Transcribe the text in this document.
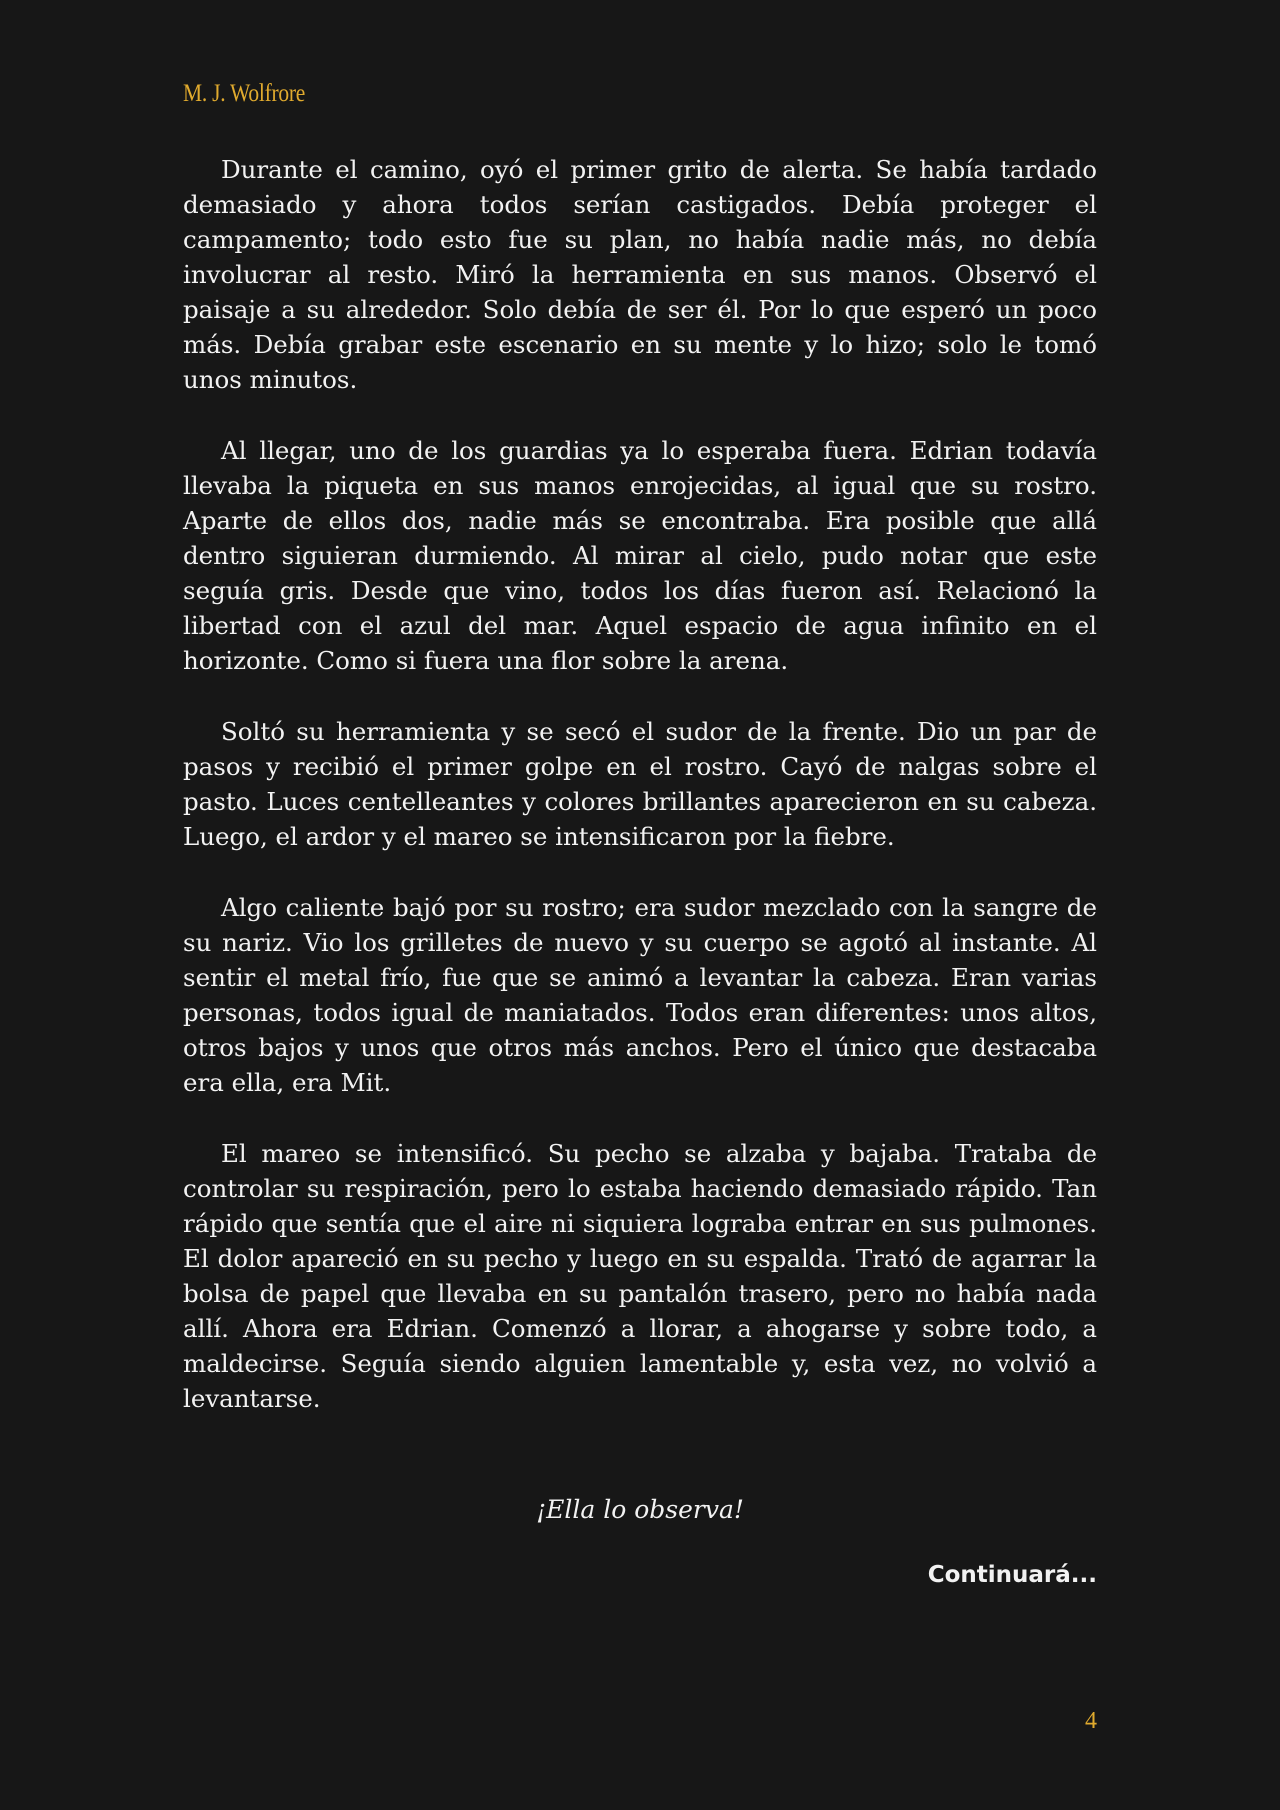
M. J. Wolfrore

Durante el camino, oyó el primer grito de alerta. Se había tardado demasiado y ahora todos serían castigados. Debía proteger el campamento; todo esto fue su plan, no había nadie más, no debía involucrar al resto. Miró la herramienta en sus manos. Observó el paisaje a su alrededor. Solo debía de ser él. Por lo que esperó un poco más. Debía grabar este escenario en su mente y lo hizo; solo le tomó unos minutos.

Al llegar, uno de los guardias ya lo esperaba fuera. Edrian todavía llevaba la piqueta en sus manos enrojecidas, al igual que su rostro. Aparte de ellos dos, nadie más se encontraba. Era posible que allá dentro siguieran durmiendo. Al mirar al cielo, pudo notar que este seguía gris. Desde que vino, todos los días fueron así. Relacionó la libertad con el azul del mar. Aquel espacio de agua infinito en el horizonte. Como si fuera una flor sobre la arena.

Soltó su herramienta y se secó el sudor de la frente. Dio un par de pasos y recibió el primer golpe en el rostro. Cayó de nalgas sobre el pasto. Luces centelleantes y colores brillantes aparecieron en su cabeza. Luego, el ardor y el mareo se intensificaron por la fiebre.

Algo caliente bajó por su rostro; era sudor mezclado con la sangre de su nariz. Vio los grilletes de nuevo y su cuerpo se agotó al instante. Al sentir el metal frío, fue que se animó a levantar la cabeza. Eran varias personas, todos igual de maniatados. Todos eran diferentes: unos altos, otros bajos y unos que otros más anchos. Pero el único que destacaba era ella, era Mit.

El mareo se intensificó. Su pecho se alzaba y bajaba. Trataba de controlar su respiración, pero lo estaba haciendo demasiado rápido. Tan rápido que sentía que el aire ni siquiera lograba entrar en sus pulmones. El dolor apareció en su pecho y luego en su espalda. Trató de agarrar la bolsa de papel que llevaba en su pantalón trasero, pero no había nada allí. Ahora era Edrian. Comenzó a llorar, a ahogarse y sobre todo, a maldecirse. Seguía siendo alguien lamentable y, esta vez, no volvió a levantarse.

¡Ella lo observa!
Continuará...
4
